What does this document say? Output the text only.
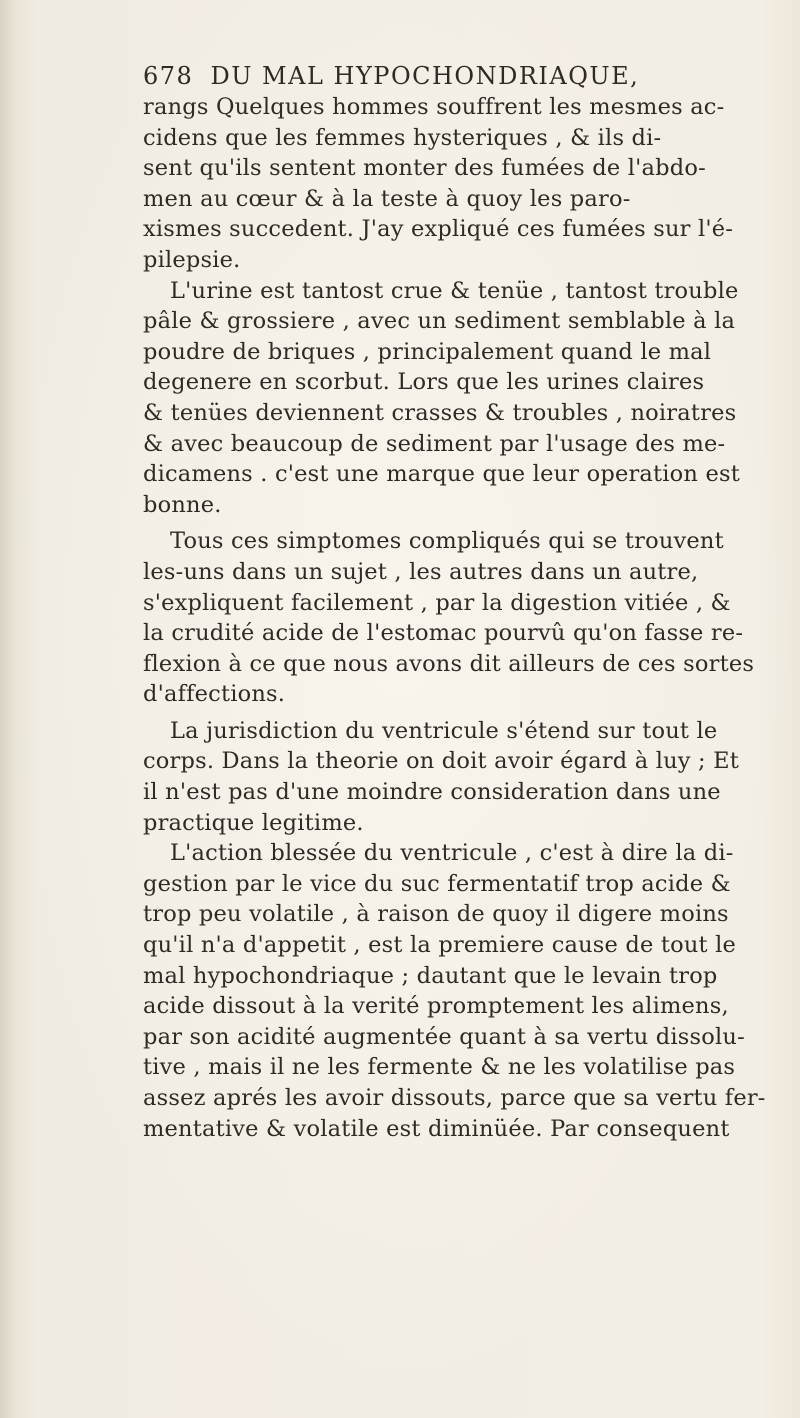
678 DU MAL HYPOCHONDRIAQUE,
rangs Quelques hommes souffrent les mesmes ac-
cidens que les femmes hysteriques , & ils di-
sent qu'ils sentent monter des fumées de l'abdo-
men au cœur & à la teste à quoy les paro-
xismes succedent. J'ay expliqué ces fumées sur l'é-
pilepsie.
L'urine est tantost crue & tenüe , tantost trouble
pâle & grossiere , avec un sediment semblable à la
poudre de briques , principalement quand le mal
degenere en scorbut. Lors que les urines claires
& tenües deviennent crasses & troubles , noiratres
& avec beaucoup de sediment par l'usage des me-
dicamens . c'est une marque que leur operation est
bonne.
Tous ces simptomes compliqués qui se trouvent
les-uns dans un sujet , les autres dans un autre,
s'expliquent facilement , par la digestion vitiée , &
la crudité acide de l'estomac pourvû qu'on fasse re-
flexion à ce que nous avons dit ailleurs de ces sortes
d'affections.
La jurisdiction du ventricule s'étend sur tout le
corps. Dans la theorie on doit avoir égard à luy ; Et
il n'est pas d'une moindre consideration dans une
practique legitime.
L'action blessée du ventricule , c'est à dire la di-
gestion par le vice du suc fermentatif trop acide &
trop peu volatile , à raison de quoy il digere moins
qu'il n'a d'appetit , est la premiere cause de tout le
mal hypochondriaque ; dautant que le levain trop
acide dissout à la verité promptement les alimens,
par son acidité augmentée quant à sa vertu dissolu-
tive , mais il ne les fermente & ne les volatilise pas
assez aprés les avoir dissouts, parce que sa vertu fer-
mentative & volatile est diminüée. Par consequent
